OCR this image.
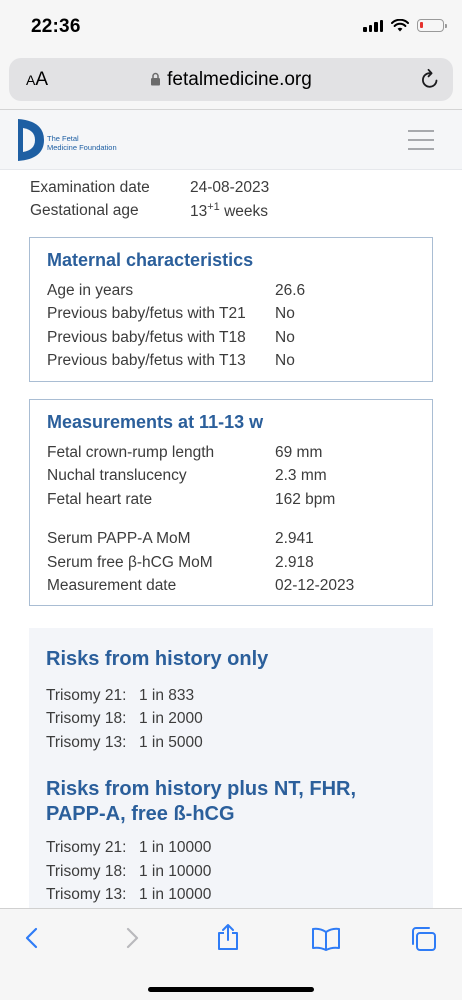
22:36
AA	fetalmedicine.org
The Fetal
Medicine Foundation
Examination date	24-08-2023
Gestational age	$13^{+1}$ weeks
Maternal characteristics
Age in years	26.6
Previous baby/fetus with T21	No
Previous baby/fetus with T18	No
Previous baby/fetus with T13	No
Measurements at 11-13 w
Fetal crown-rump length	69 mm
Nuchal translucency	2.3 mm
Fetal heart rate	162 bpm
Serum PAPP-A MoM	2.941
Serum free β-hCG MoM	2.918
Measurement date	02-12-2023
Risks from history only
Trisomy 21: 1 in 833
Trisomy 18: 1 in 2000
Trisomy 13: 1 in 5000
Risks from history plus NT, FHR,
PAPP-A, free ß-hCG
Trisomy 21: 1 in 10000
Trisomy 18: 1 in 10000
Trisomy 13: 1 in 10000
